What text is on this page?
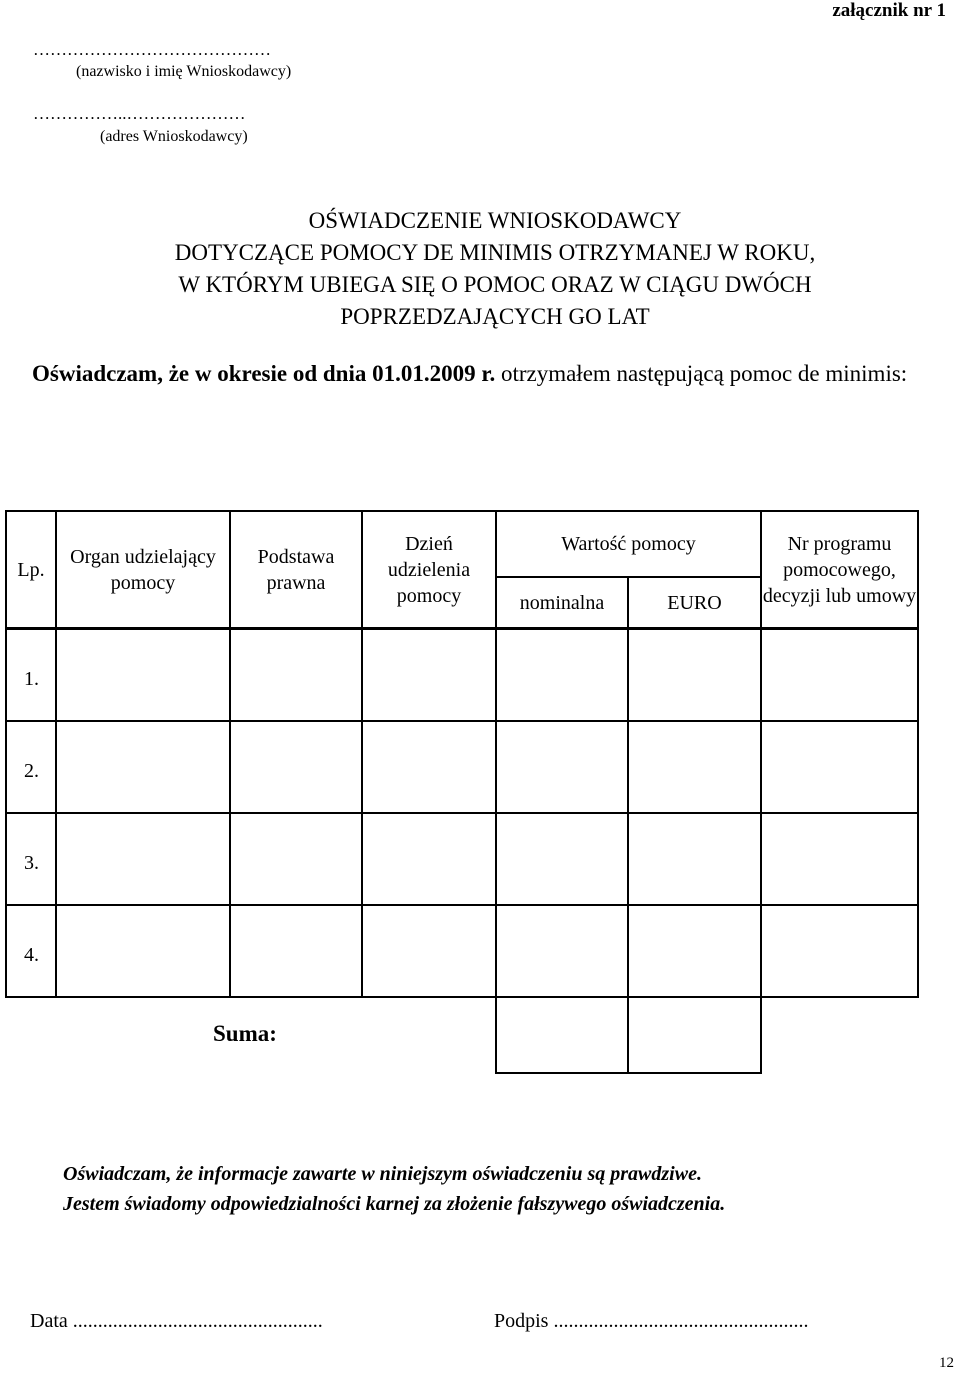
załącznik nr 1
……………………………………
(nazwisko i imię Wnioskodawcy)
……………..…………………
(adres Wnioskodawcy)
OŚWIADCZENIE WNIOSKODAWCY
DOTYCZĄCE POMOCY DE MINIMIS OTRZYMANEJ W ROKU,
W KTÓRYM UBIEGA SIĘ O POMOC ORAZ W CIĄGU DWÓCH
POPRZEDZAJĄCYCH GO LAT
Oświadczam, że w okresie od dnia 01.01.2009 r. otrzymałem następującą pomoc de minimis:
Lp.
Organ udzielający pomocy
Podstawa prawna
Dzień udzielenia pomocy
Wartość pomocy
nominalna	EURO
Nr programu pomocowego, decyzji lub umowy
1.
2.
3.
4.
Suma:
Oświadczam, że informacje zawarte w niniejszym oświadczeniu są prawdziwe.
Jestem świadomy odpowiedzialności karnej za złożenie fałszywego oświadczenia.
Data ..................................................	Podpis ...................................................
12
